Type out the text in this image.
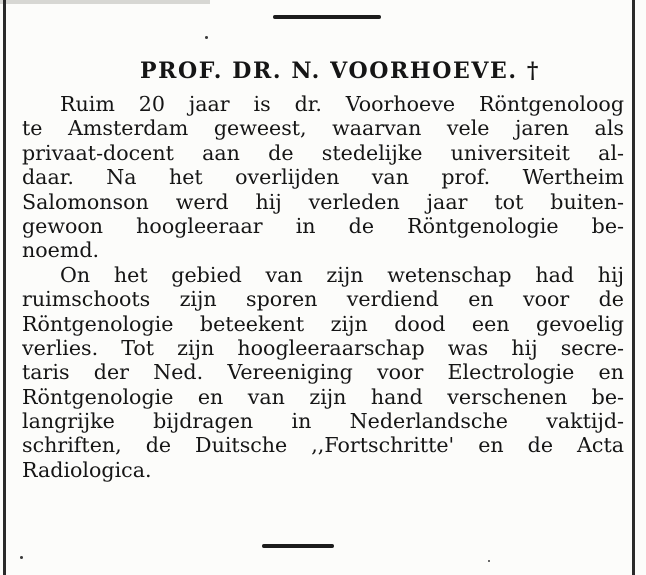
PROF. DR. N. VOORHOEVE. †
Ruim 20 jaar is dr. Voorhoeve Röntgenoloog
te Amsterdam geweest, waarvan vele jaren als
privaat-docent aan de stedelijke universiteit al-
daar. Na het overlijden van prof. Wertheim
Salomonson werd hij verleden jaar tot buiten-
gewoon hoogleeraar in de Röntgenologie be-
noemd.
On het gebied van zijn wetenschap had hij
ruimschoots zijn sporen verdiend en voor de
Röntgenologie beteekent zijn dood een gevoelig
verlies. Tot zijn hoogleeraarschap was hij secre-
taris der Ned. Vereeniging voor Electrologie en
Röntgenologie en van zijn hand verschenen be-
langrijke bijdragen in Nederlandsche vaktijd-
schriften, de Duitsche ,,Fortschritte' en de Acta
Radiologica.
